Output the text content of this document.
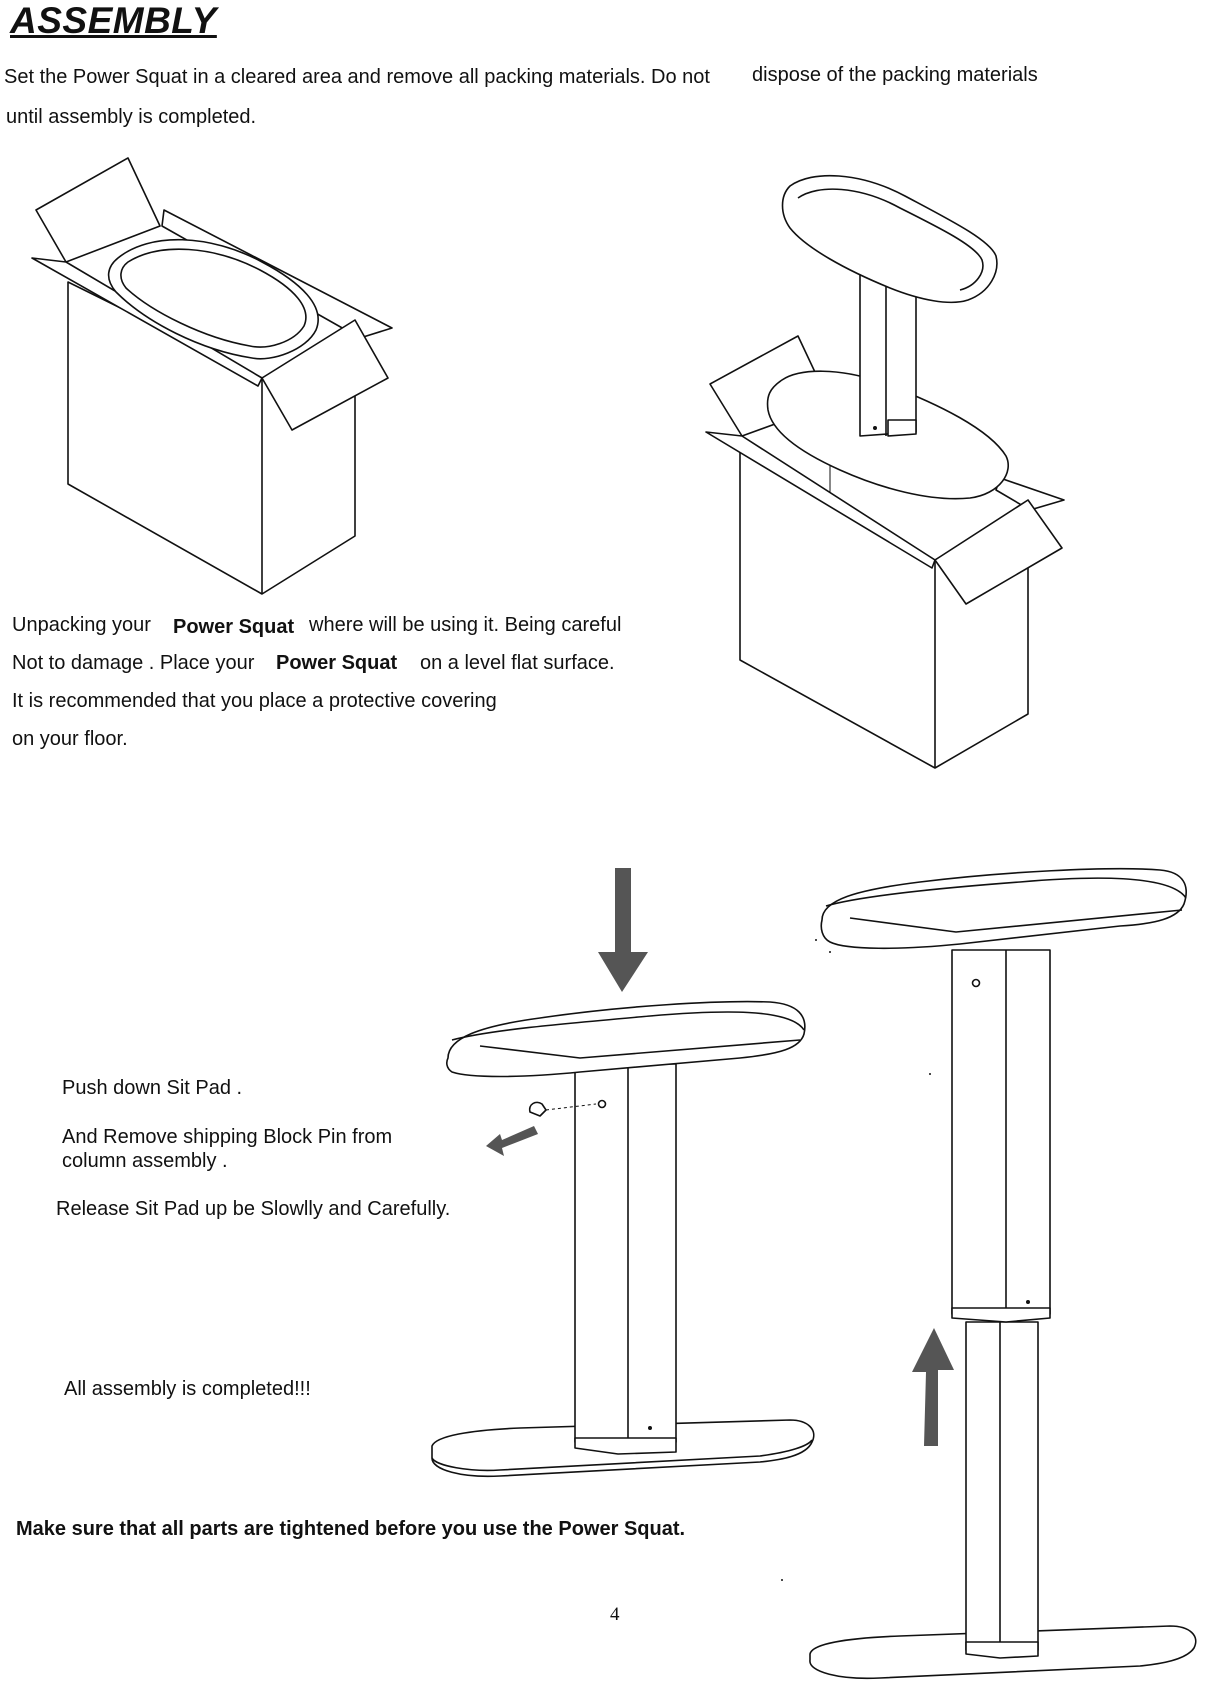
ASSEMBLY
Set the Power Squat in a cleared area and remove all packing materials. Do not dispose of the packing materials
until assembly is completed.
Unpacking your Power Squat where will be using it. Being careful
Not to damage . Place your Power Squat on a level flat surface.
It is recommended that you place a protective covering
on your floor.
Push down Sit Pad .
And Remove shipping Block Pin from
column assembly .
Release Sit Pad up be Slowlly and Carefully.
All assembly is completed!!!
Make sure that all parts are tightened before you use the Power Squat.
4
